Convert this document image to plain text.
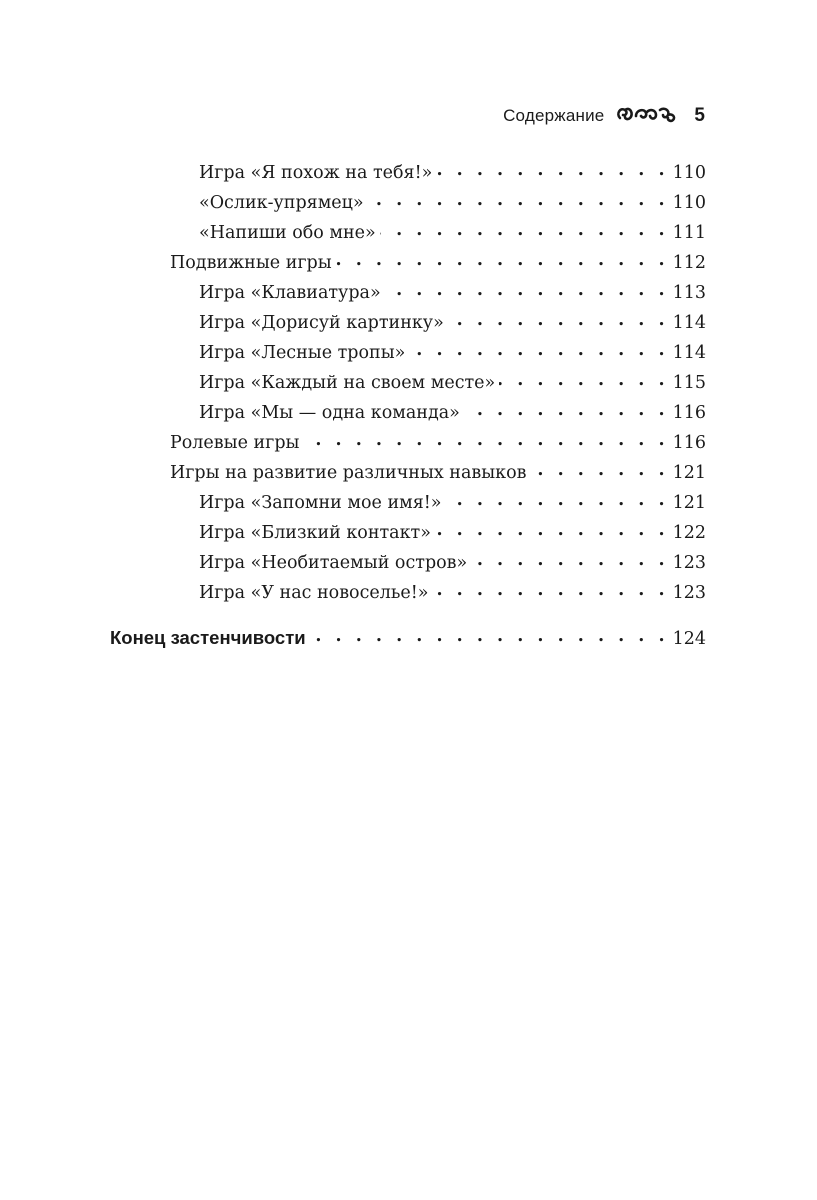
Содержание	5
Игра «Я похож на тебя!» . . .	110
«Ослик-упрямец» . . .	110
«Напиши обо мне» . . .	111
Подвижные игры . . .	112
Игра «Клавиатура» . . .	113
Игра «Дорисуй картинку» . . .	114
Игра «Лесные тропы» . . .	114
Игра «Каждый на своем месте» . . .	115
Игра «Мы — одна команда» . . .	116
Ролевые игры . . .	116
Игры на развитие различных навыков . . .	121
Игра «Запомни мое имя!» . . .	121
Игра «Близкий контакт» . . .	122
Игра «Необитаемый остров» . . .	123
Игра «У нас новоселье!» . . .	123
Конец застенчивости . . .	124
